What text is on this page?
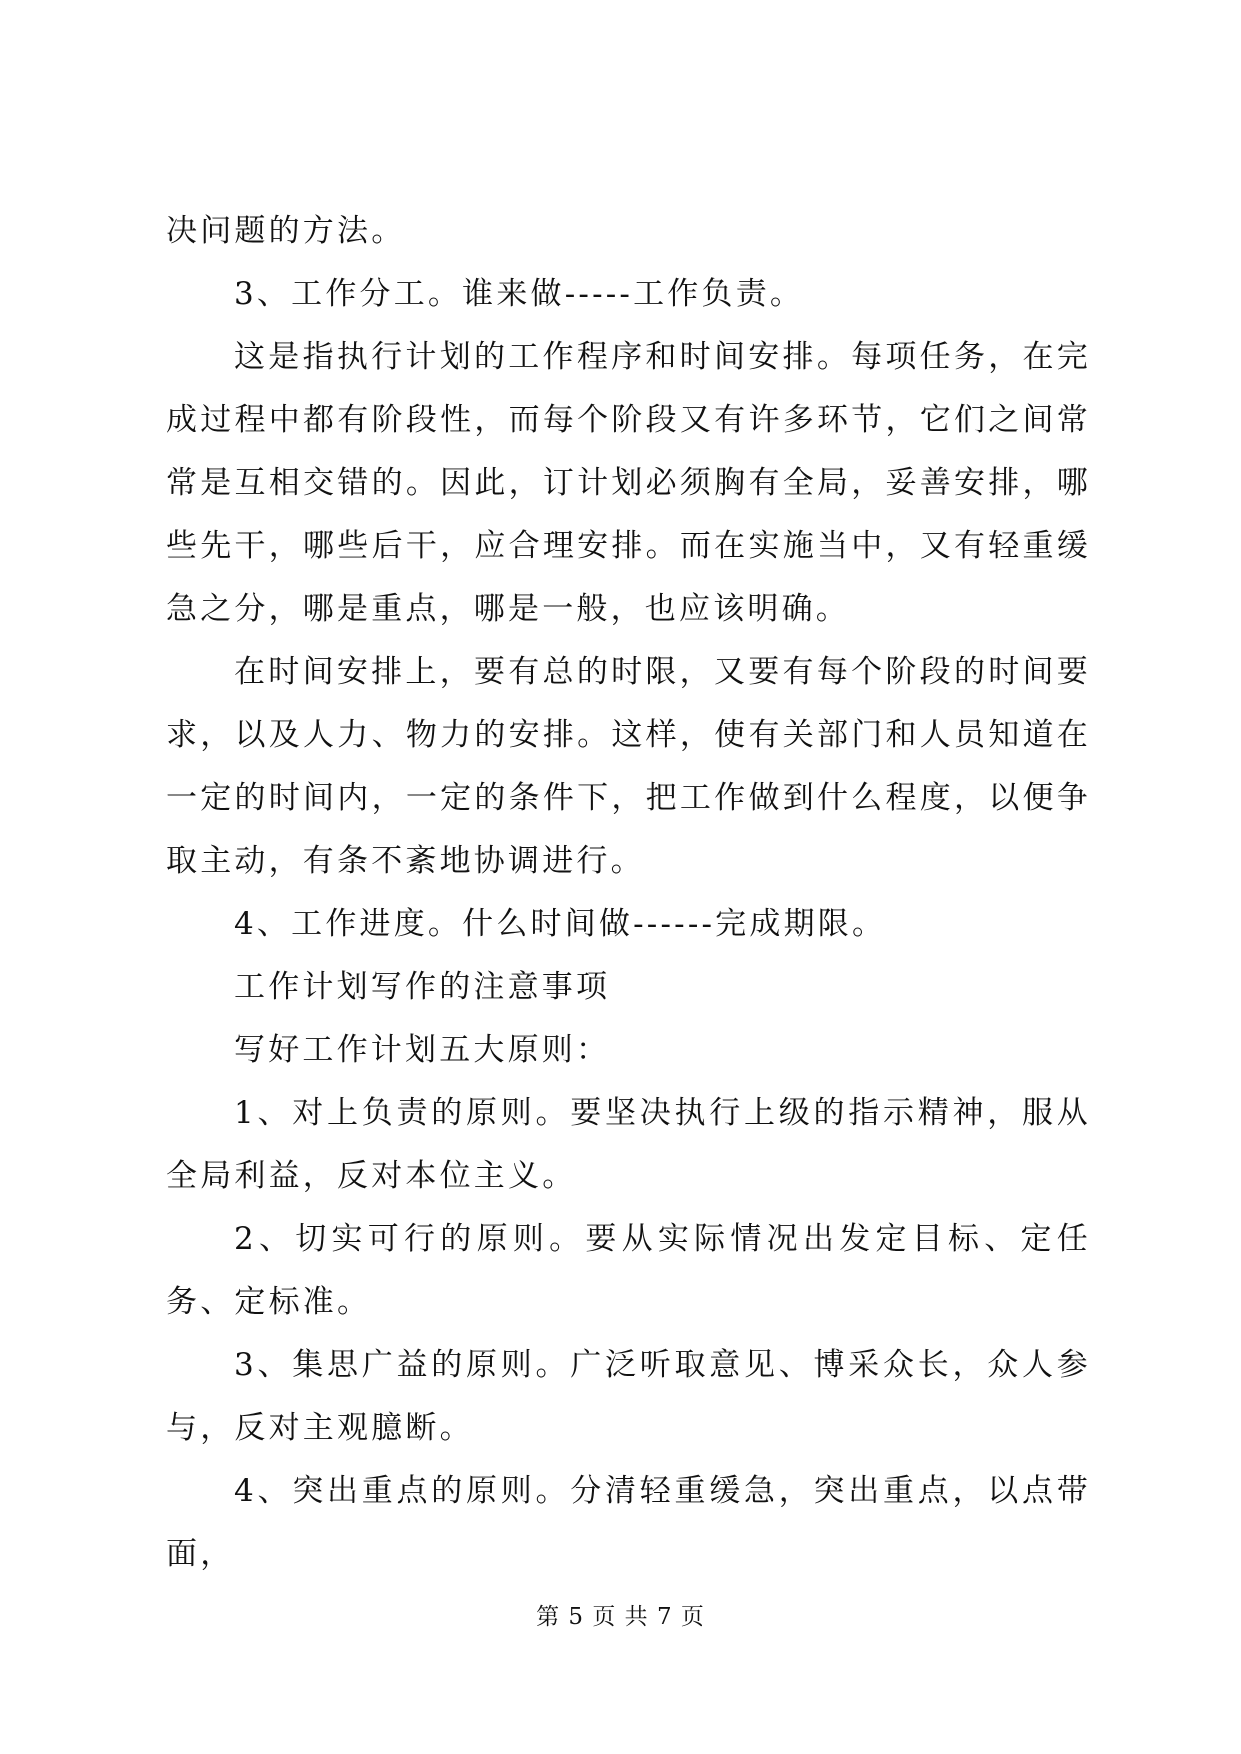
决问题的方法。

3、工作分工。谁来做-----工作负责。

这是指执行计划的工作程序和时间安排。每项任务，在完成过程中都有阶段性，而每个阶段又有许多环节，它们之间常常是互相交错的。因此，订计划必须胸有全局，妥善安排，哪些先干，哪些后干，应合理安排。而在实施当中，又有轻重缓急之分，哪是重点，哪是一般，也应该明确。

在时间安排上，要有总的时限，又要有每个阶段的时间要求，以及人力、物力的安排。这样，使有关部门和人员知道在一定的时间内，一定的条件下，把工作做到什么程度，以便争取主动，有条不紊地协调进行。

4、工作进度。什么时间做------完成期限。

工作计划写作的注意事项

写好工作计划五大原则：

1、对上负责的原则。要坚决执行上级的指示精神，服从全局利益，反对本位主义。

2、切实可行的原则。要从实际情况出发定目标、定任务、定标准。

3、集思广益的原则。广泛听取意见、博采众长，众人参与，反对主观臆断。

4、突出重点的原则。分清轻重缓急，突出重点，以点带面，

第 5 页 共 7 页
